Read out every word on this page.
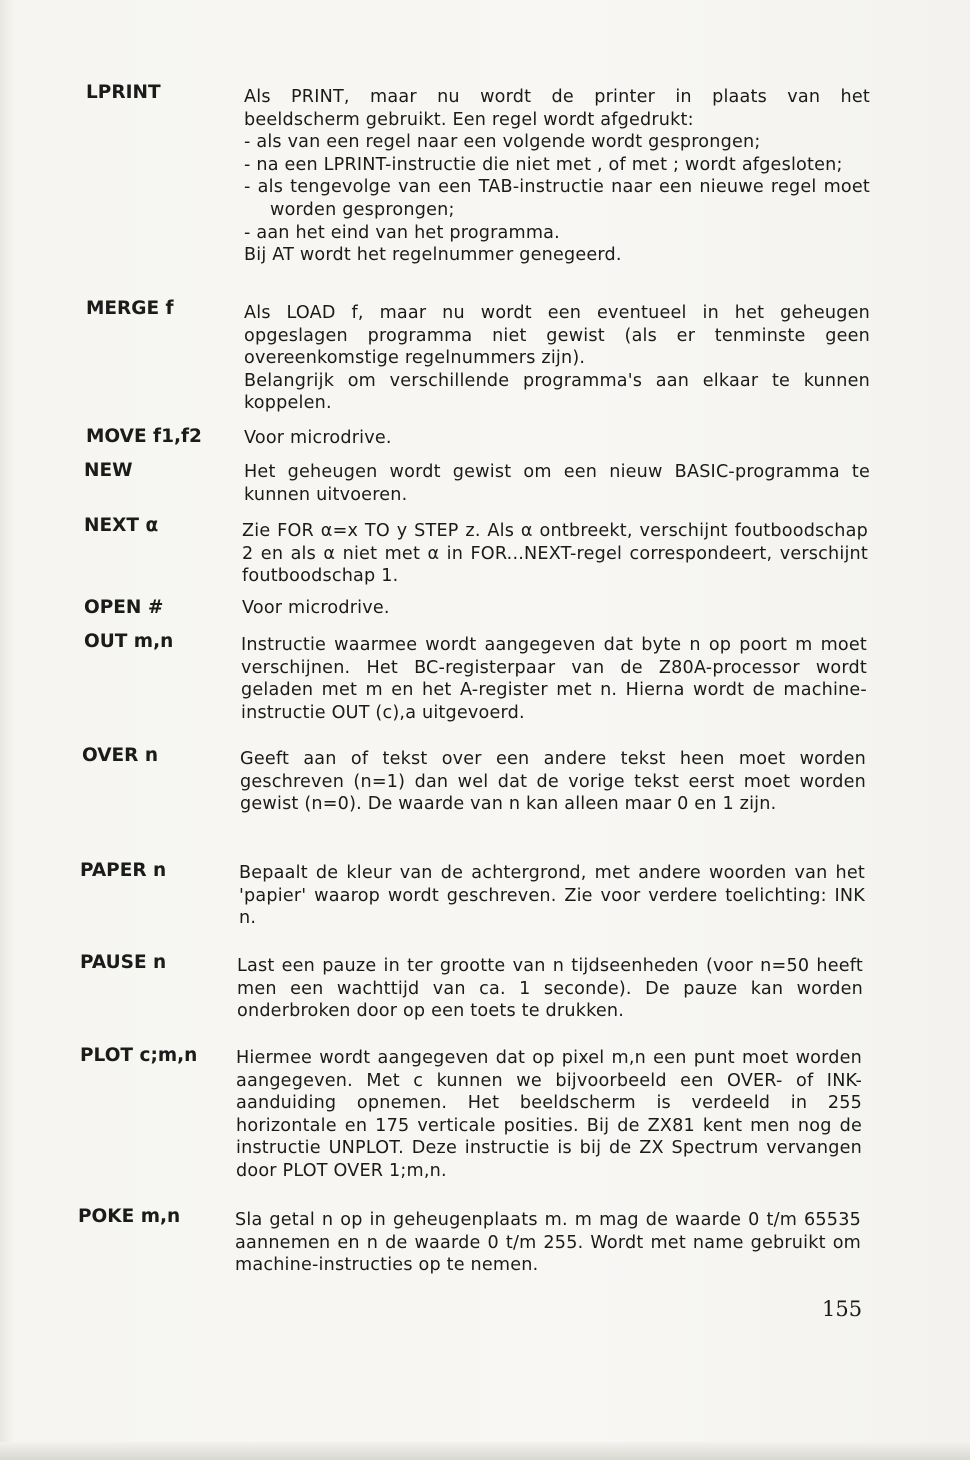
LPRINT	Als PRINT, maar nu wordt de printer in plaats van het

beeldscherm gebruikt. Een regel wordt afgedrukt:

- als van een regel naar een volgende wordt gesprongen;

- na een LPRINT-instructie die niet met , of met ; wordt afgesloten;

- als tengevolge van een TAB-instructie naar een nieuwe regel moet worden gesprongen;

- aan het eind van het programma.

Bij AT wordt het regelnummer genegeerd.

MERGE f	Als LOAD f, maar nu wordt een eventueel in het geheugen opgeslagen programma niet gewist (als er tenminste geen overeenkomstige regelnummers zijn).

Belangrijk om verschillende programma's aan elkaar te kunnen koppelen.

MOVE f1,f2 Voor microdrive.

NEW	Het geheugen wordt gewist om een nieuw BASIC-programma te kunnen uitvoeren.

NEXT α	Zie FOR α=x TO y STEP z. Als α ontbreekt, verschijnt foutboodschap 2 en als α niet met α in FOR...NEXT-regel correspondeert, verschijnt foutboodschap 1.

OPEN #	Voor microdrive.

OUT m,n	Instructie waarmee wordt aangegeven dat byte n op poort m moet verschijnen. Het BC-registerpaar van de Z80A-processor wordt geladen met m en het A-register met n. Hierna wordt de machine-instructie OUT (c),a uitgevoerd.

OVER n	Geeft aan of tekst over een andere tekst heen moet worden geschreven (n=1) dan wel dat de vorige tekst eerst moet worden gewist (n=0). De waarde van n kan alleen maar 0 en 1 zijn.

PAPER n	Bepaalt de kleur van de achtergrond, met andere woorden van het 'papier' waarop wordt geschreven. Zie voor verdere toelichting: INK n.

PAUSE n	Last een pauze in ter grootte van n tijdseenheden (voor n=50 heeft men een wachttijd van ca. 1 seconde). De pauze kan worden onderbroken door op een toets te drukken.

PLOT c;m,n Hiermee wordt aangegeven dat op pixel m,n een punt moet worden aangegeven. Met c kunnen we bijvoorbeeld een OVER- of INK-aanduiding opnemen. Het beeldscherm is verdeeld in 255 horizontale en 175 verticale posities. Bij de ZX81 kent men nog de instructie UNPLOT. Deze instructie is bij de ZX Spectrum vervangen door PLOT OVER 1;m,n.

POKE m,n	Sla getal n op in geheugenplaats m. m mag de waarde 0 t/m 65535 aannemen en n de waarde 0 t/m 255. Wordt met name gebruikt om machine-instructies op te nemen.

155
